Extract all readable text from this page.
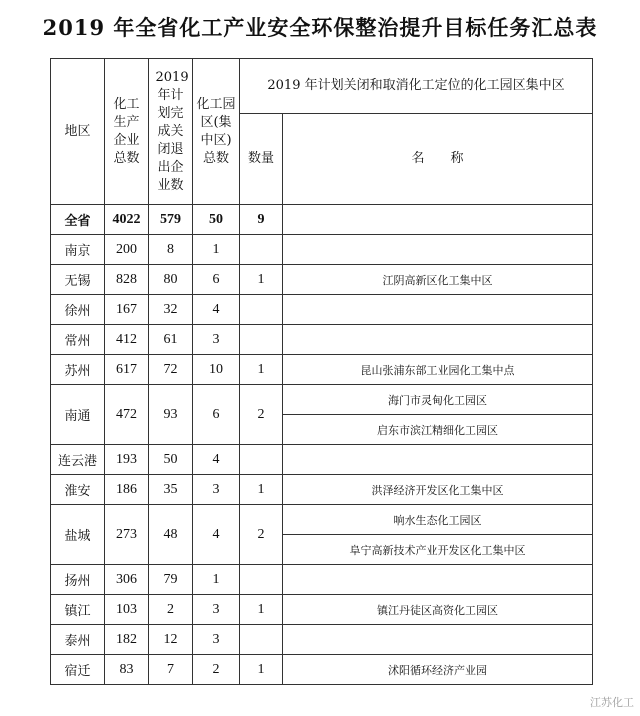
2019 年全省化工产业安全环保整治提升目标任务汇总表
地区	化工生产企业总数	2019年计划完成关闭退出企业数	化工园区(集中区)总数	2019 年计划关闭和取消化工定位的化工园区集中区	
				数量	名　　称
全省	4022	579	50	9	
南京	200	8	1		
无锡	828	80	6	1	江阴高新区化工集中区
徐州	167	32	4		
常州	412	61	3		
苏州	617	72	10	1	昆山张浦东部工业园化工集中点
南通	472	93	6	2	海门市灵甸化工园区
					启东市滨江精细化工园区
连云港	193	50	4		
淮安	186	35	3	1	洪泽经济开发区化工集中区
盐城	273	48	4	2	响水生态化工园区
					阜宁高新技术产业开发区化工集中区
扬州	306	79	1		
镇江	103	2	3	1	镇江丹徒区高资化工园区
泰州	182	12	3		
宿迁	83	7	2	1	沭阳循环经济产业园
江苏化工
